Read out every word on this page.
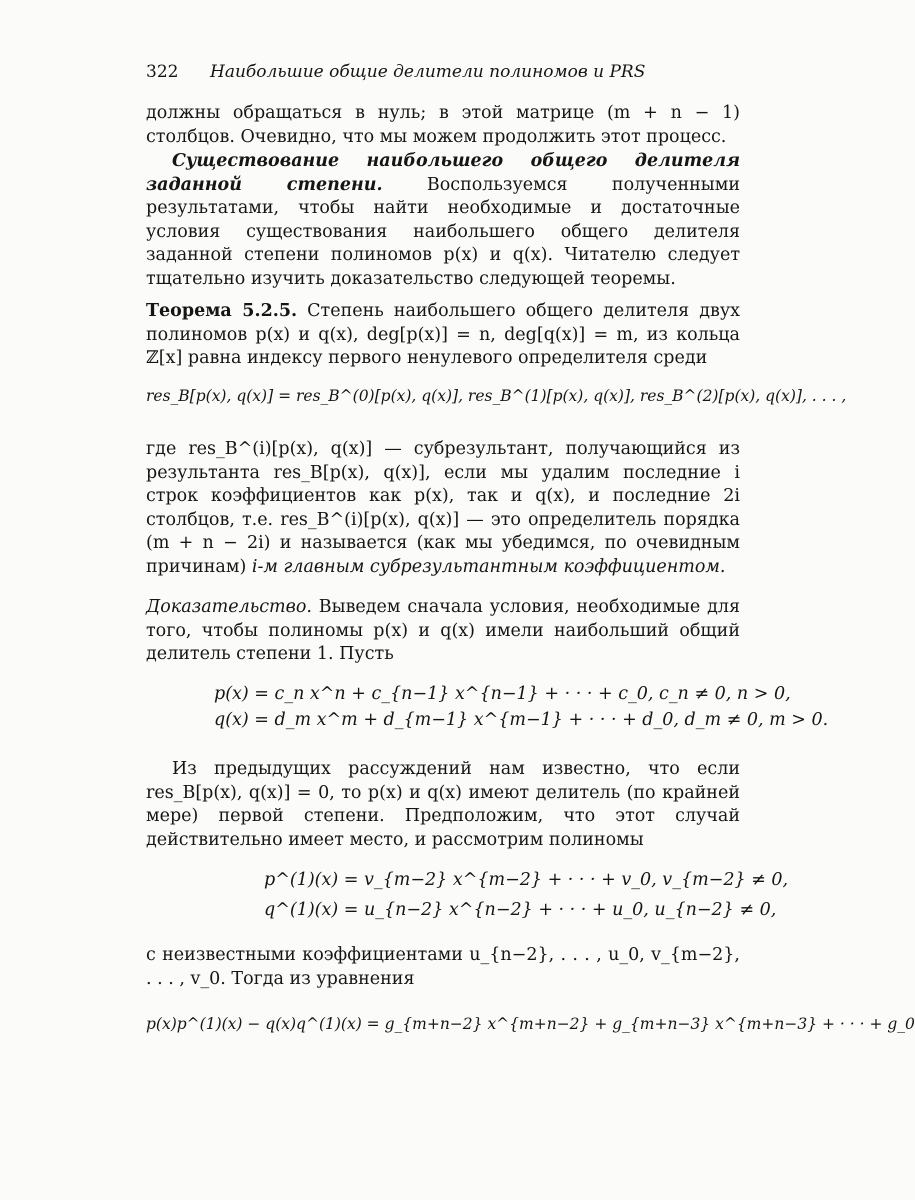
322 Наибольшие общие делители полиномов и PRS

должны обращаться в нуль; в этой матрице (m + n − 1) столбцов. Очевидно, что мы можем продолжить этот процесс.

Существование наибольшего общего делителя заданной степени. Воспользуемся полученными результатами, чтобы найти необходимые и достаточные условия существования наибольшего общего делителя заданной степени полиномов p(x) и q(x). Читателю следует тщательно изучить доказательство следующей теоремы.

Теорема 5.2.5. Степень наибольшего общего делителя двух полиномов p(x) и q(x), deg[p(x)] = n, deg[q(x)] = m, из кольца ℤ[x] равна индексу первого ненулевого определителя среди

res_B[p(x), q(x)] = res_B^(0)[p(x), q(x)], res_B^(1)[p(x), q(x)], res_B^(2)[p(x), q(x)], . . . ,

где res_B^(i)[p(x), q(x)] — субрезультант, получающийся из результанта res_B[p(x), q(x)], если мы удалим последние i строк коэффициентов как p(x), так и q(x), и последние 2i столбцов, т.е. res_B^(i)[p(x), q(x)] — это определитель порядка (m + n − 2i) и называется (как мы убедимся, по очевидным причинам) i-м главным субрезультантным коэффициентом.

Доказательство. Выведем сначала условия, необходимые для того, чтобы полиномы p(x) и q(x) имели наибольший общий делитель степени 1. Пусть

p(x) = c_n x^n + c_{n−1} x^{n−1} + · · · + c_0, c_n ≠ 0, n > 0,
q(x) = d_m x^m + d_{m−1} x^{m−1} + · · · + d_0, d_m ≠ 0, m > 0.

Из предыдущих рассуждений нам известно, что если res_B[p(x), q(x)] = 0, то p(x) и q(x) имеют делитель (по крайней мере) первой степени. Предположим, что этот случай действительно имеет место, и рассмотрим полиномы

p^(1)(x) = v_{m−2} x^{m−2} + · · · + v_0, v_{m−2} ≠ 0,
q^(1)(x) = u_{n−2} x^{n−2} + · · · + u_0, u_{n−2} ≠ 0,

с неизвестными коэффициентами u_{n−2}, . . . , u_0, v_{m−2}, . . . , v_0. Тогда из уравнения

p(x)p^(1)(x) − q(x)q^(1)(x) = g_{m+n−2} x^{m+n−2} + g_{m+n−3} x^{m+n−3} + · · · + g_0
